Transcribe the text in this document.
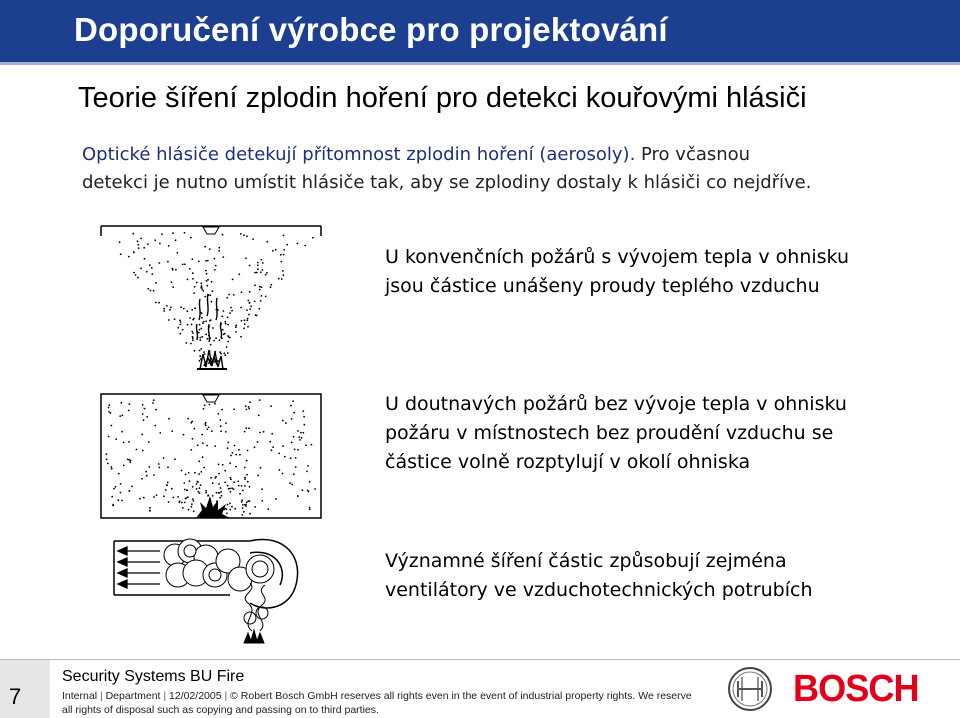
Doporučení výrobce pro projektování
Teorie šíření zplodin hoření pro detekci kouřovými hlásiči
Optické hlásiče detekují přítomnost zplodin hoření (aerosoly). Pro včasnou
detekci je nutno umístit hlásiče tak, aby se zplodiny dostaly k hlásiči co nejdříve.
U konvenčních požárů s vývojem tepla v ohnisku
jsou částice unášeny proudy teplého vzduchu
U doutnavých požárů bez vývoje tepla v ohnisku
požáru v místnostech bez proudění vzduchu se
částice volně rozptylují v okolí ohniska
Významné šíření částic způsobují zejména
ventilátory ve vzduchotechnických potrubích
7
Security Systems BU Fire
Internal | Department | 12/02/2005 | © Robert Bosch GmbH reserves all rights even in the event of industrial property rights. We reserve all rights of disposal such as copying and passing on to third parties.	BOSCH
